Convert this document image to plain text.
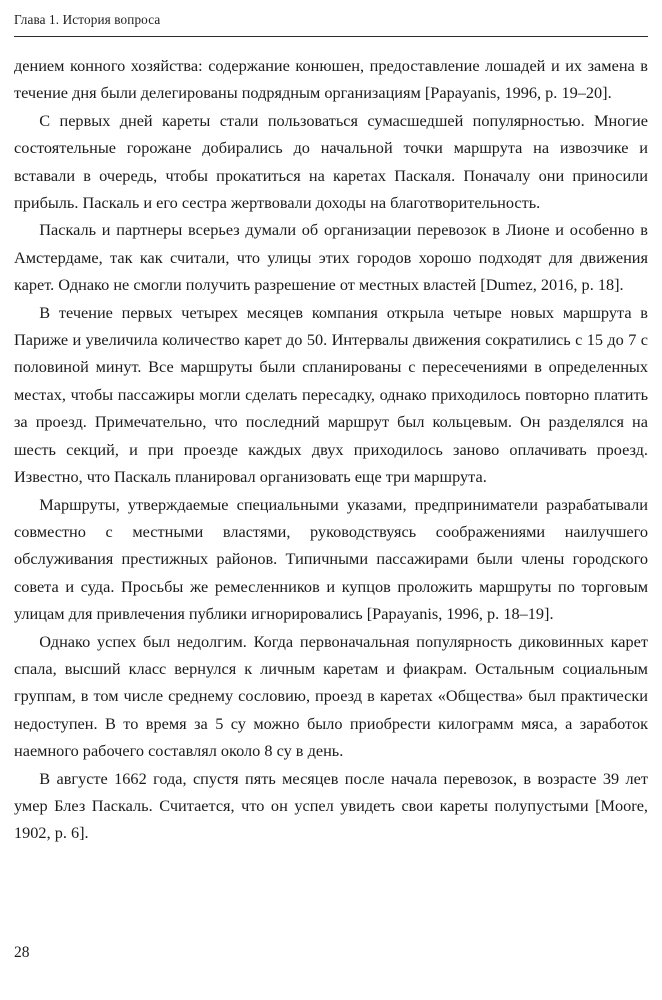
Глава 1. История вопроса

дением конного хозяйства: содержание конюшен, предоставление лошадей и их замена в течение дня были делегированы подрядным организациям [Papayanis, 1996, p. 19–20].

С первых дней кареты стали пользоваться сумасшедшей популярностью. Многие состоятельные горожане добирались до начальной точки маршрута на извозчике и вставали в очередь, чтобы прокатиться на каретах Паскаля. Поначалу они приносили прибыль. Паскаль и его сестра жертвовали доходы на благотворительность.

Паскаль и партнеры всерьез думали об организации перевозок в Лионе и особенно в Амстердаме, так как считали, что улицы этих городов хорошо подходят для движения карет. Однако не смогли получить разрешение от местных властей [Dumez, 2016, p. 18].

В течение первых четырех месяцев компания открыла четыре новых маршрута в Париже и увеличила количество карет до 50. Интервалы движения сократились с 15 до 7 с половиной минут. Все маршруты были спланированы с пересечениями в определенных местах, чтобы пассажиры могли сделать пересадку, однако приходилось повторно платить за проезд. Примечательно, что последний маршрут был кольцевым. Он разделялся на шесть секций, и при проезде каждых двух приходилось заново оплачивать проезд. Известно, что Паскаль планировал организовать еще три маршрута.

Маршруты, утверждаемые специальными указами, предприниматели разрабатывали совместно с местными властями, руководствуясь соображениями наилучшего обслуживания престижных районов. Типичными пассажирами были члены городского совета и суда. Просьбы же ремесленников и купцов проложить маршруты по торговым улицам для привлечения публики игнорировались [Papayanis, 1996, p. 18–19].

Однако успех был недолгим. Когда первоначальная популярность диковинных карет спала, высший класс вернулся к личным каретам и фиакрам. Остальным социальным группам, в том числе среднему сословию, проезд в каретах «Общества» был практически недоступен. В то время за 5 су можно было приобрести килограмм мяса, а заработок наемного рабочего составлял около 8 су в день.

В августе 1662 года, спустя пять месяцев после начала перевозок, в возрасте 39 лет умер Блез Паскаль. Считается, что он успел увидеть свои кареты полупустыми [Moore, 1902, p. 6].

28
